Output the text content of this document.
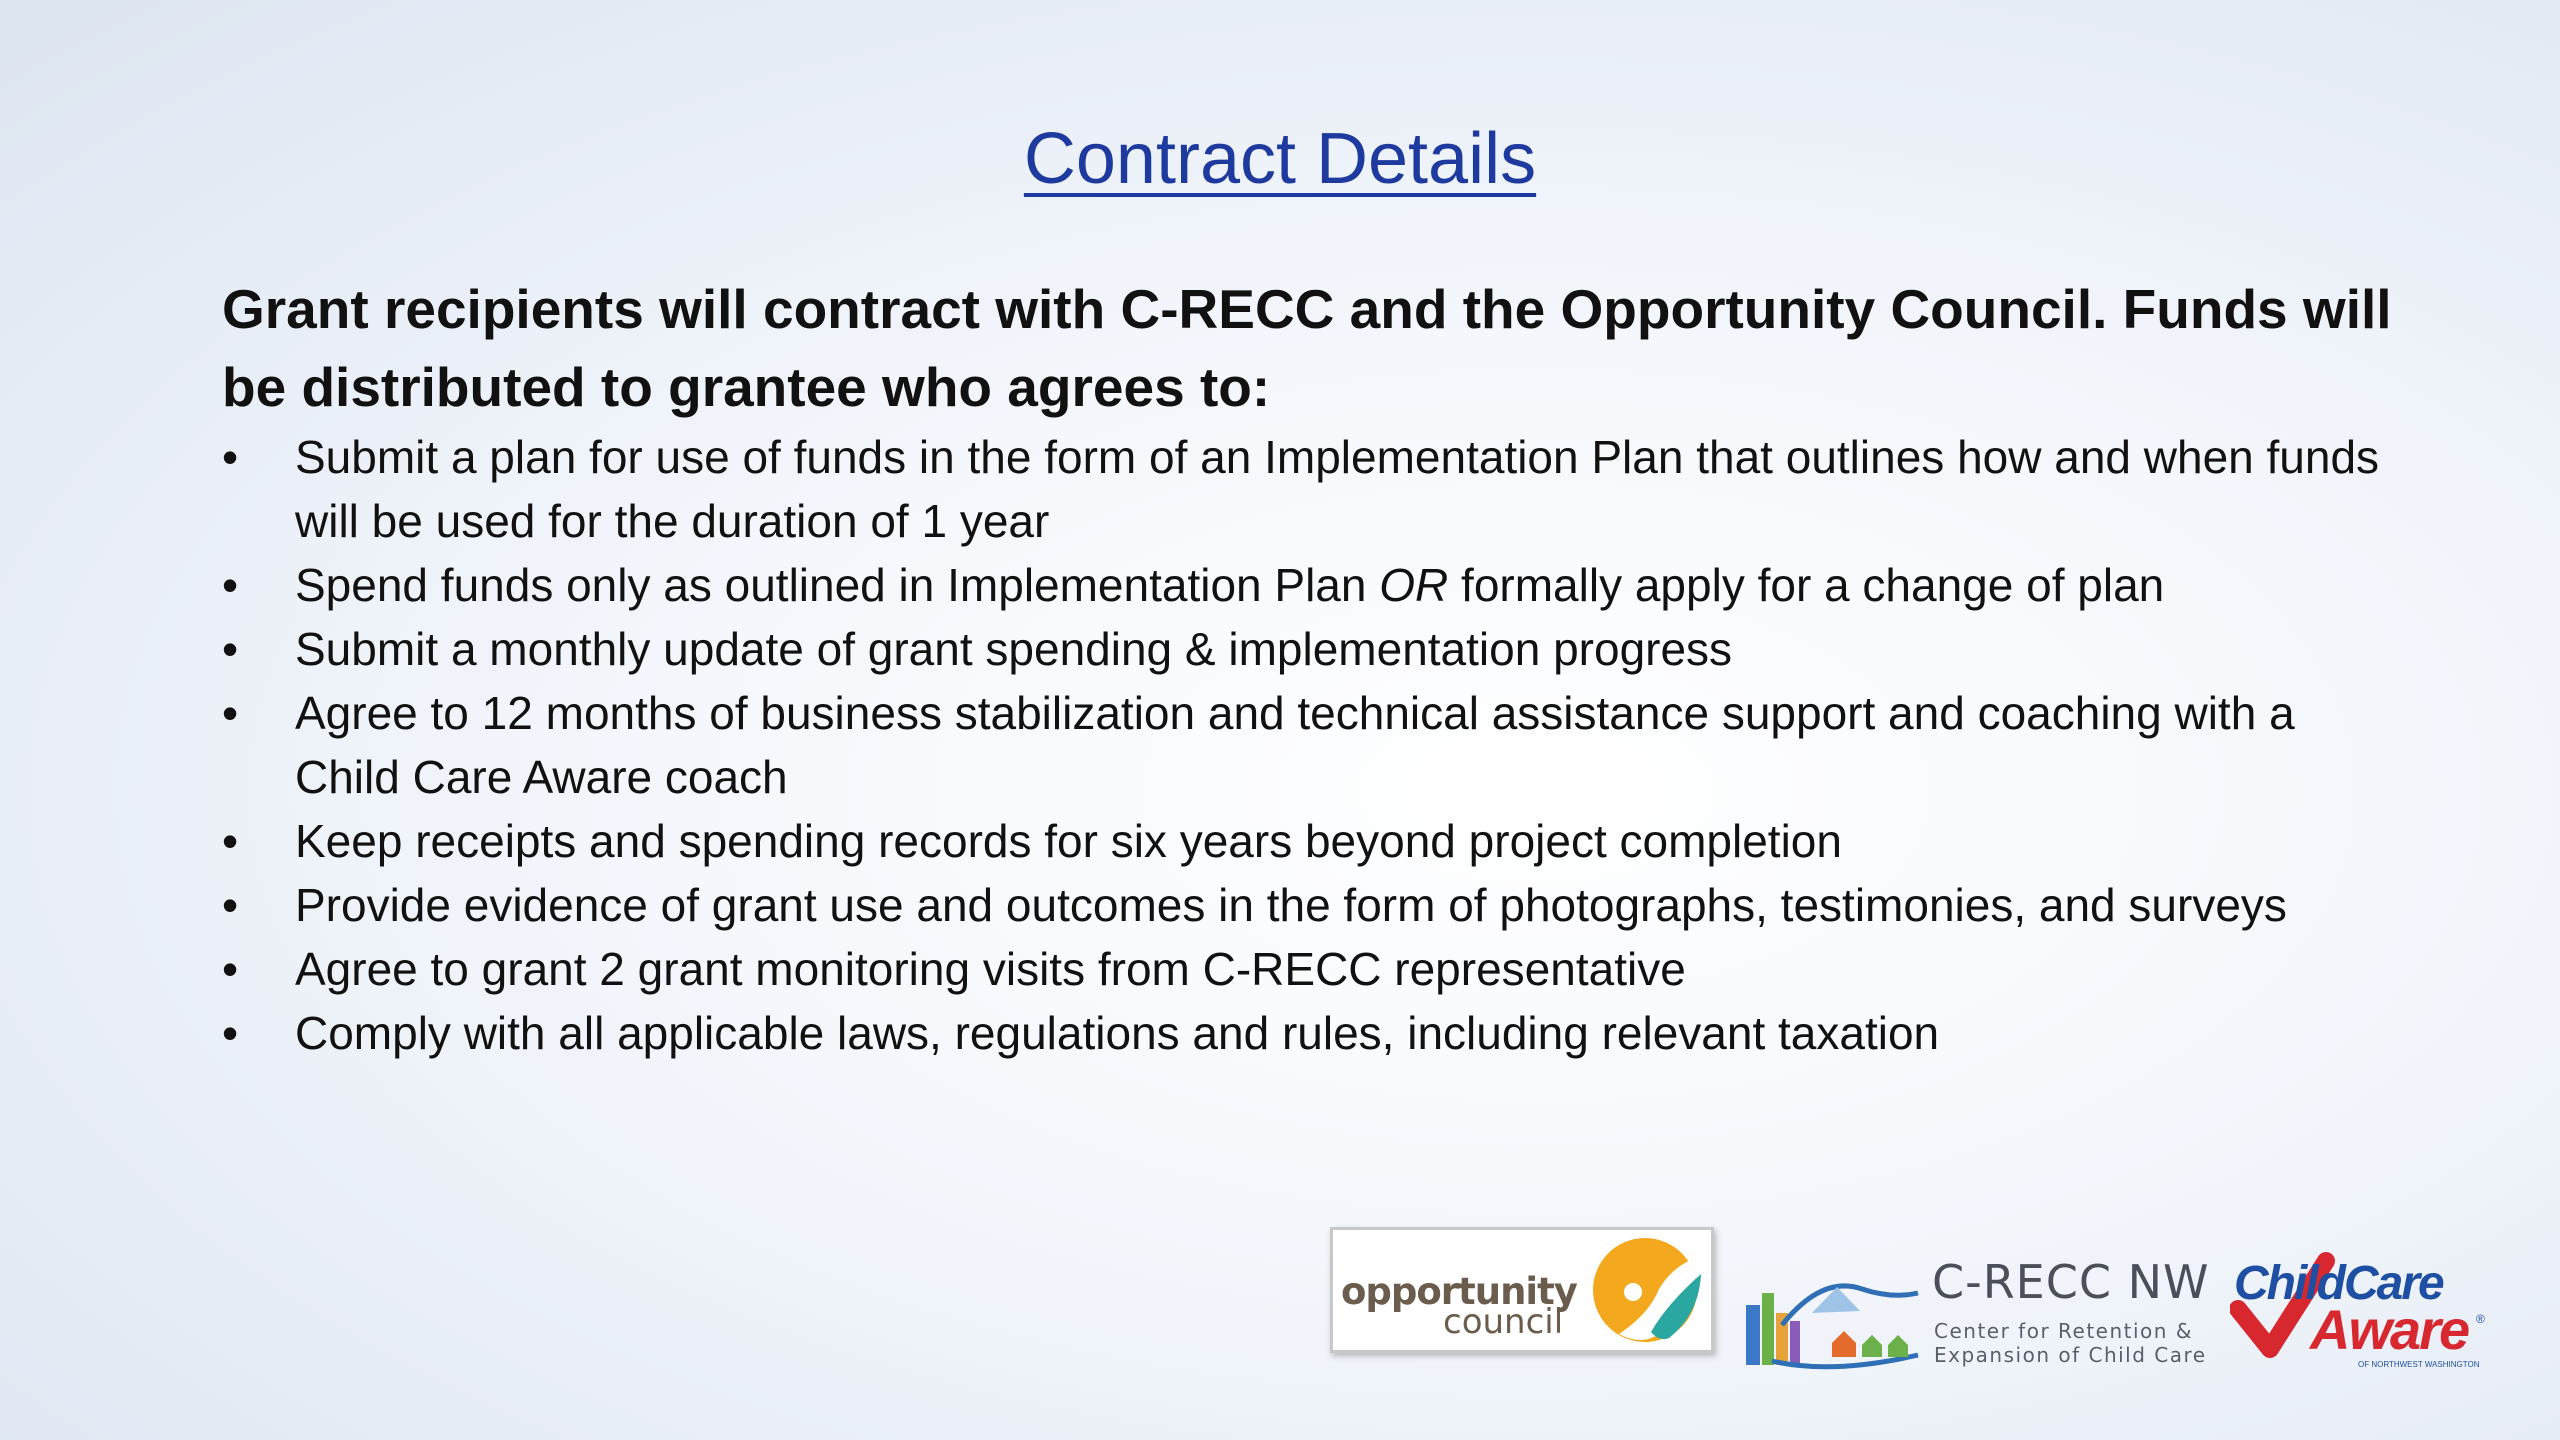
Contract Details

Grant recipients will contract with C-RECC and the Opportunity Council. Funds will be distributed to grantee who agrees to:

• Submit a plan for use of funds in the form of an Implementation Plan that outlines how and when funds will be used for the duration of 1 year
• Spend funds only as outlined in Implementation Plan OR formally apply for a change of plan
• Submit a monthly update of grant spending & implementation progress
• Agree to 12 months of business stabilization and technical assistance support and coaching with a Child Care Aware coach
• Keep receipts and spending records for six years beyond project completion
• Provide evidence of grant use and outcomes in the form of photographs, testimonies, and surveys
• Agree to grant 2 grant monitoring visits from C-RECC representative
• Comply with all applicable laws, regulations and rules, including relevant taxation
opportunity
council
C-RECC NW
Center for Retention &
Expansion of Child Care
ChildCare
Aware ®
OF NORTHWEST WASHINGTON
